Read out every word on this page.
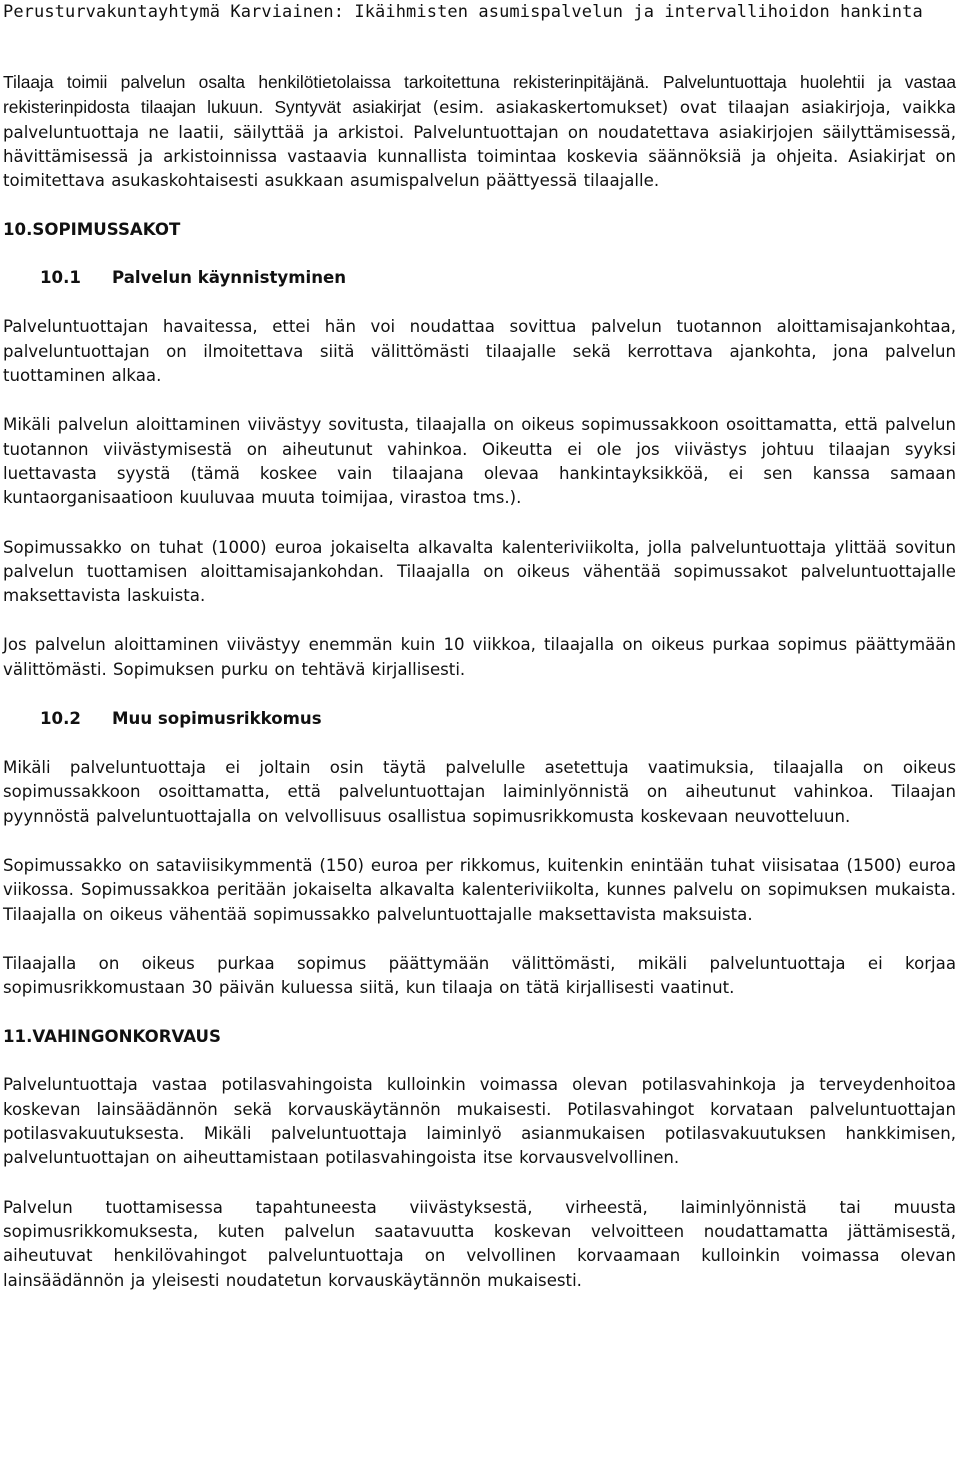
Perusturvakuntayhtymä Karviainen: Ikäihmisten asumispalvelun ja intervallihoidon hankinta

Tilaaja toimii palvelun osalta henkilötietolaissa tarkoitettuna rekisterinpitäjänä. Palveluntuottaja huolehtii ja vastaa rekisterinpidosta tilaajan lukuun. Syntyvät asiakirjat (esim. asiakaskertomukset) ovat tilaajan asiakirjoja, vaikka palveluntuottaja ne laatii, säilyttää ja arkistoi. Palveluntuottajan on noudatettava asiakirjojen säilyttämisessä, hävittämisessä ja arkistoinnissa vastaavia kunnallista toimintaa koskevia säännöksiä ja ohjeita. Asiakirjat on toimitettava asukaskohtaisesti asukkaan asumispalvelun päättyessä tilaajalle.

10.SOPIMUSSAKOT
10.1 Palvelun käynnistyminen

Palveluntuottajan havaitessa, ettei hän voi noudattaa sovittua palvelun tuotannon aloittamisajankohtaa, palveluntuottajan on ilmoitettava siitä välittömästi tilaajalle sekä kerrottava ajankohta, jona palvelun tuottaminen alkaa.

Mikäli palvelun aloittaminen viivästyy sovitusta, tilaajalla on oikeus sopimussakkoon osoittamatta, että palvelun tuotannon viivästymisestä on aiheutunut vahinkoa. Oikeutta ei ole jos viivästys johtuu tilaajan syyksi luettavasta syystä (tämä koskee vain tilaajana olevaa hankintayksikköä, ei sen kanssa samaan kuntaorganisaatioon kuuluvaa muuta toimijaa, virastoa tms.).

Sopimussakko on tuhat (1000) euroa jokaiselta alkavalta kalenteriviikolta, jolla palveluntuottaja ylittää sovitun palvelun tuottamisen aloittamisajankohdan. Tilaajalla on oikeus vähentää sopimussakot palveluntuottajalle maksettavista laskuista.

Jos palvelun aloittaminen viivästyy enemmän kuin 10 viikkoa, tilaajalla on oikeus purkaa sopimus päättymään välittömästi. Sopimuksen purku on tehtävä kirjallisesti.

10.2 Muu sopimusrikkomus

Mikäli palveluntuottaja ei joltain osin täytä palvelulle asetettuja vaatimuksia, tilaajalla on oikeus sopimussakkoon osoittamatta, että palveluntuottajan laiminlyönnistä on aiheutunut vahinkoa. Tilaajan pyynnöstä palveluntuottajalla on velvollisuus osallistua sopimusrikkomusta koskevaan neuvotteluun.

Sopimussakko on sataviisikymmentä (150) euroa per rikkomus, kuitenkin enintään tuhat viisisataa (1500) euroa viikossa. Sopimussakkoa peritään jokaiselta alkavalta kalenteriviikolta, kunnes palvelu on sopimuksen mukaista. Tilaajalla on oikeus vähentää sopimussakko palveluntuottajalle maksettavista maksuista.

Tilaajalla on oikeus purkaa sopimus päättymään välittömästi, mikäli palveluntuottaja ei korjaa sopimusrikkomustaan 30 päivän kuluessa siitä, kun tilaaja on tätä kirjallisesti vaatinut.

11.VAHINGONKORVAUS

Palveluntuottaja vastaa potilasvahingoista kulloinkin voimassa olevan potilasvahinkoja ja terveydenhoitoa koskevan lainsäädännön sekä korvauskäytännön mukaisesti. Potilasvahingot korvataan palveluntuottajan potilasvakuutuksesta. Mikäli palveluntuottaja laiminlyö asianmukaisen potilasvakuutuksen hankkimisen, palveluntuottajan on aiheuttamistaan potilasvahingoista itse korvausvelvollinen.

Palvelun tuottamisessa tapahtuneesta viivästyksestä, virheestä, laiminlyönnistä tai muusta sopimusrikkomuksesta, kuten palvelun saatavuutta koskevan velvoitteen noudattamatta jättämisestä, aiheutuvat henkilövahingot palveluntuottaja on velvollinen korvaamaan kulloinkin voimassa olevan lainsäädännön ja yleisesti noudatetun korvauskäytännön mukaisesti.
